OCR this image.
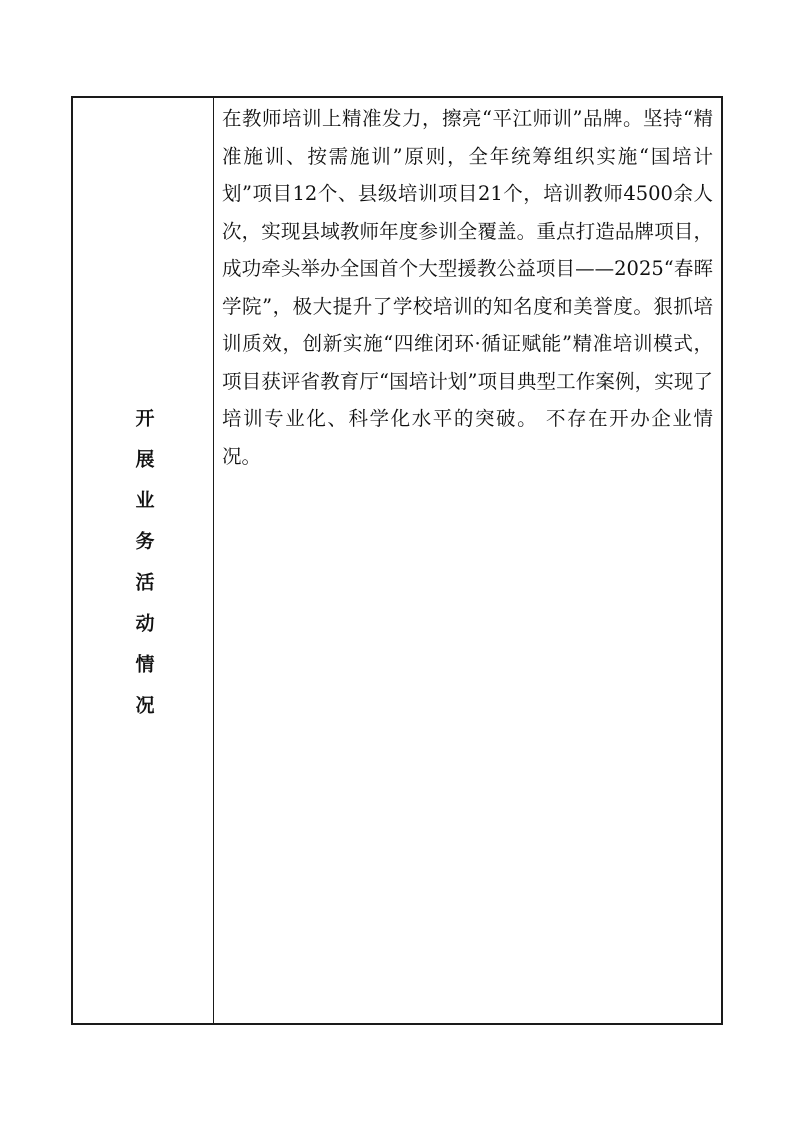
开展业务活动情况

在教师培训上精准发力，擦亮“平江师训”品牌。坚持“精准施训、按需施训”原则，全年统筹组织实施“国培计划”项目12个、县级培训项目21个，培训教师4500余人次，实现县域教师年度参训全覆盖。重点打造品牌项目，成功牵头举办全国首个大型援教公益项目——2025“春晖学院”，极大提升了学校培训的知名度和美誉度。狠抓培训质效，创新实施“四维闭环·循证赋能”精准培训模式，项目获评省教育厅“国培计划”项目典型工作案例，实现了培训专业化、科学化水平的突破。 不存在开办企业情况。
